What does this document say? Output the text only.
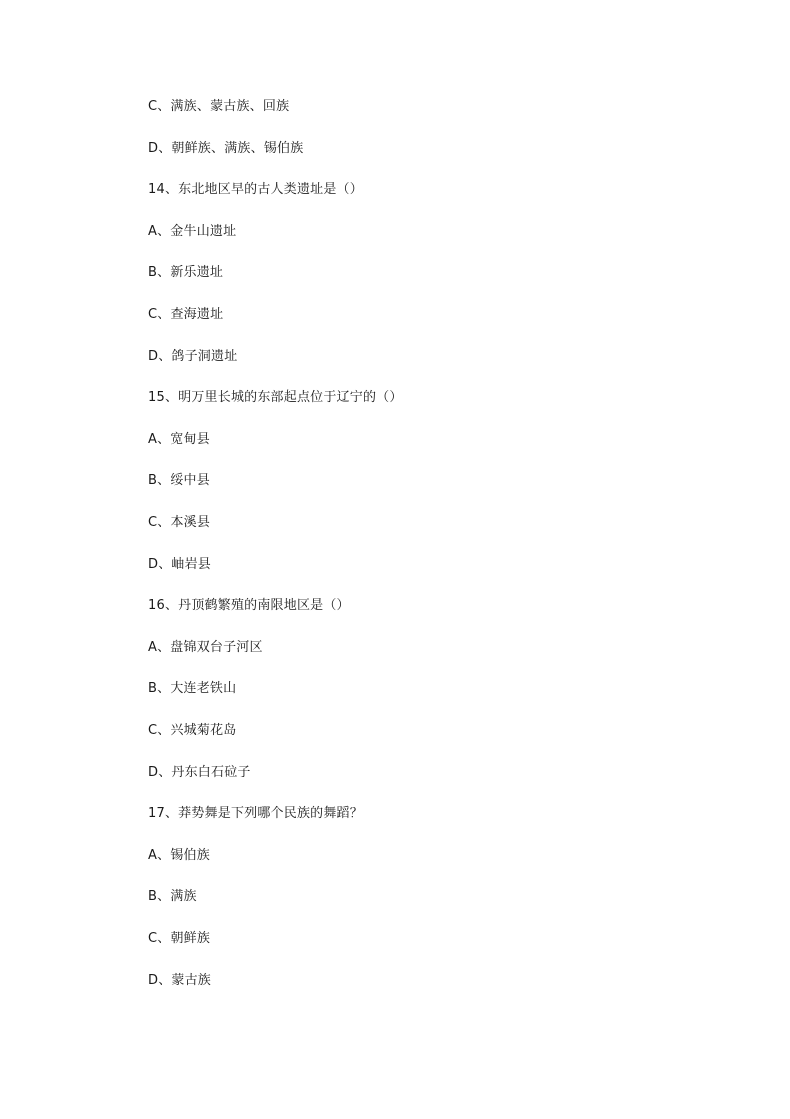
C、满族、蒙古族、回族
D、朝鲜族、满族、锡伯族
14、东北地区早的古人类遗址是（）
A、金牛山遗址
B、新乐遗址
C、查海遗址
D、鸽子洞遗址
15、明万里长城的东部起点位于辽宁的（）
A、宽甸县
B、绥中县
C、本溪县
D、岫岩县
16、丹顶鹤繁殖的南限地区是（）
A、盘锦双台子河区
B、大连老铁山
C、兴城菊花岛
D、丹东白石砬子
17、莽势舞是下列哪个民族的舞蹈？
A、锡伯族
B、满族
C、朝鲜族
D、蒙古族
